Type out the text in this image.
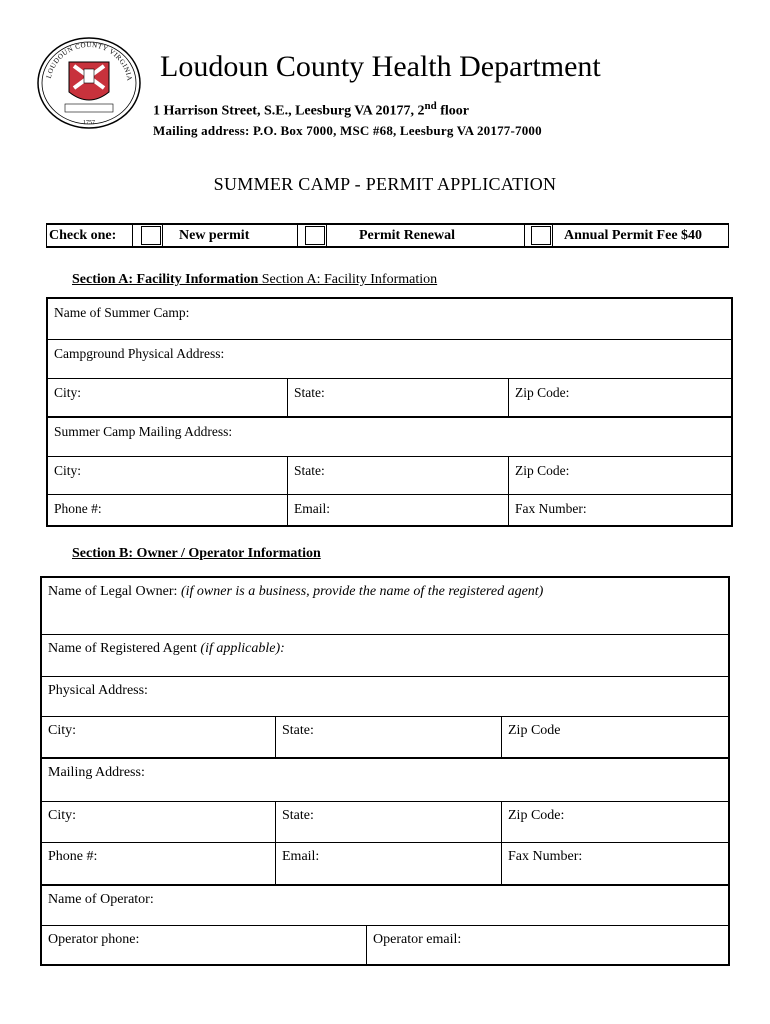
LOUDOUN COUNTY VIRGINIA
1757
Loudoun County Health Department
1 Harrison Street, S.E., Leesburg VA 20177, 2nd floor
Mailing address: P.O. Box 7000, MSC #68, Leesburg VA 20177-7000
SUMMER CAMP - PERMIT APPLICATION
Check one:	New permit	Permit Renewal	Annual Permit Fee $40
Section A: Facility Information Section A: Facility Information
Name of Summer Camp:
Campground Physical Address:
City:	State:	Zip Code:
Summer Camp Mailing Address:
City:	State:	Zip Code:
Phone #:	Email:	Fax Number:
Section B: Owner / Operator Information
Name of Legal Owner: (if owner is a business, provide the name of the registered agent)
Name of Registered Agent (if applicable):
Physical Address:
City:	State:	Zip Code
Mailing Address:
City:	State:	Zip Code:
Phone #:	Email:	Fax Number:
Name of Operator:
Operator phone:	Operator email:
